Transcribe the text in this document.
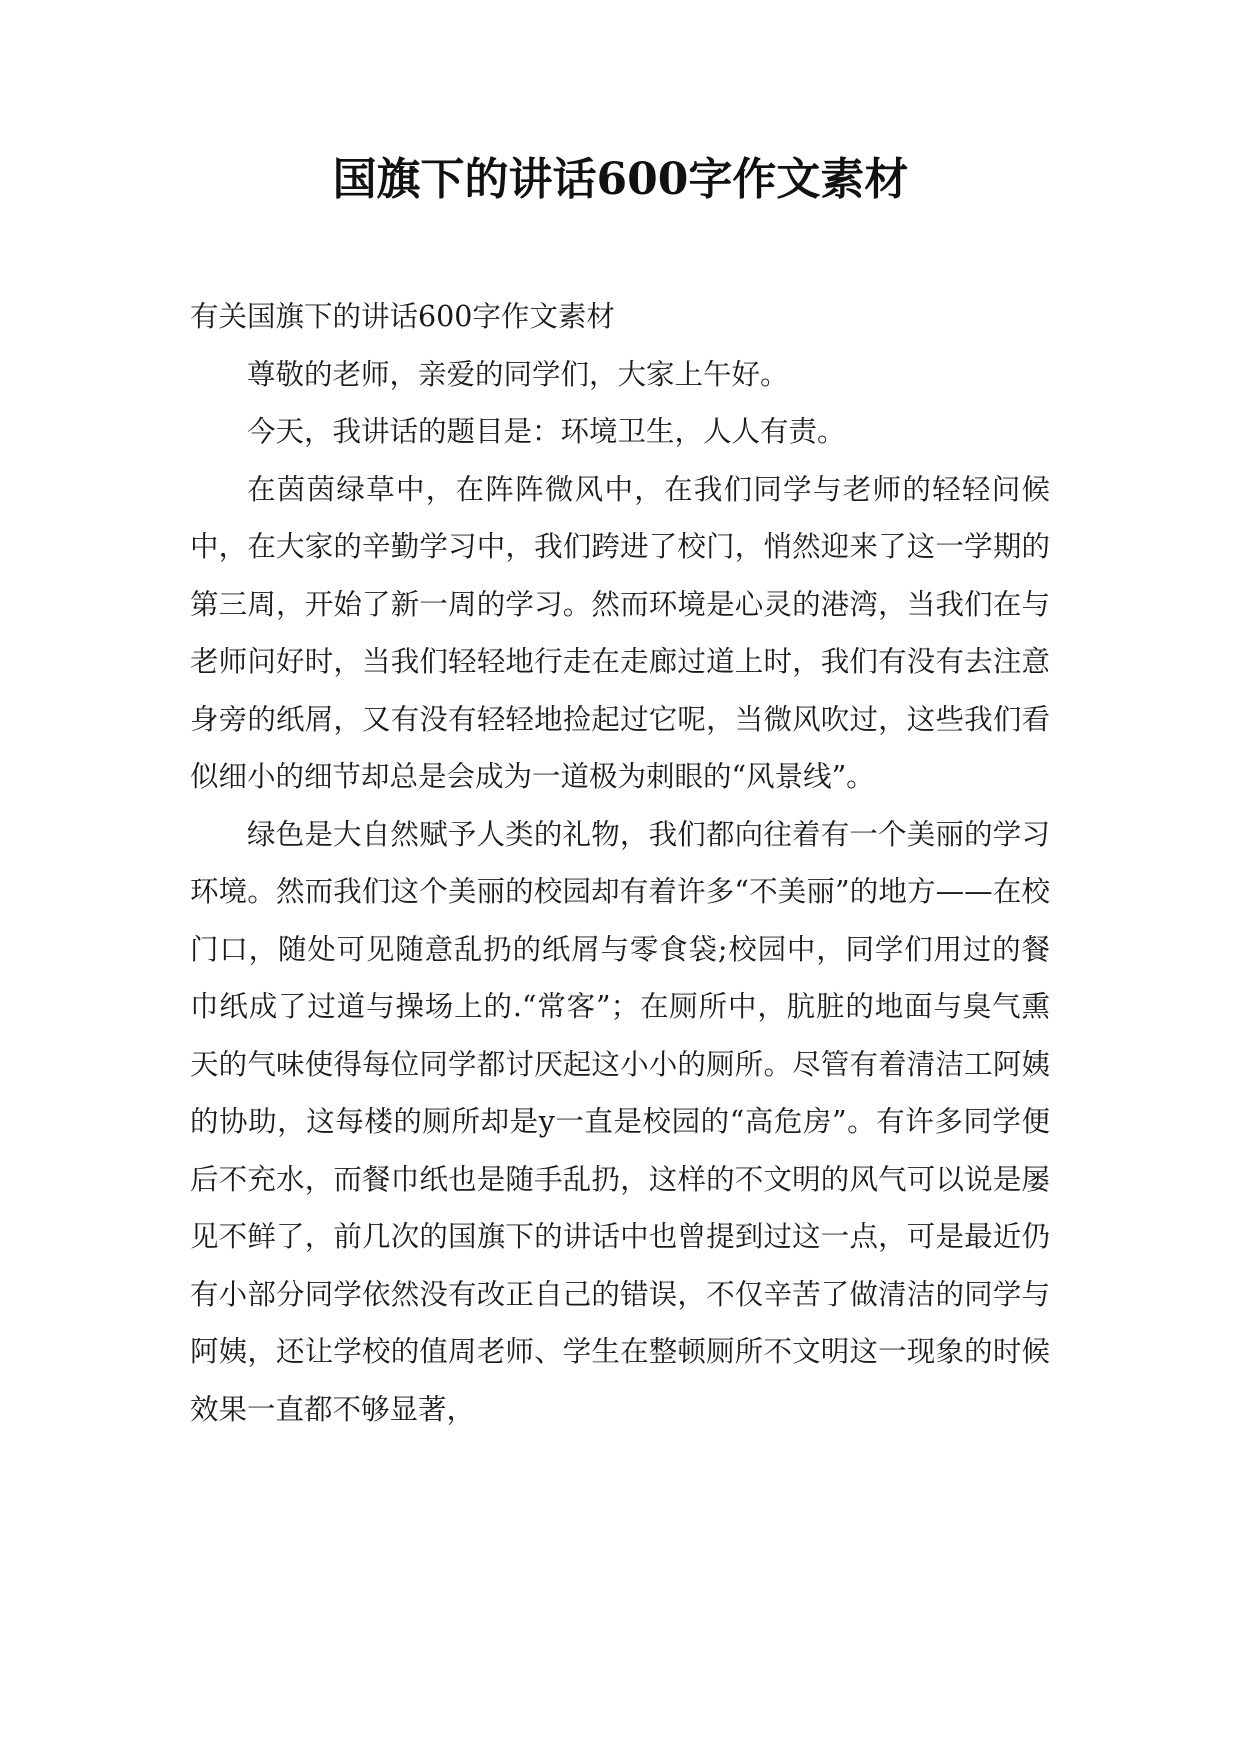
国旗下的讲话600字作文素材

有关国旗下的讲话600字作文素材

尊敬的老师，亲爱的同学们，大家上午好。

今天，我讲话的题目是：环境卫生，人人有责。

在茵茵绿草中，在阵阵微风中，在我们同学与老师的轻轻问候中，在大家的辛勤学习中，我们跨进了校门，悄然迎来了这一学期的第三周，开始了新一周的学习。然而环境是心灵的港湾，当我们在与老师问好时，当我们轻轻地行走在走廊过道上时，我们有没有去注意身旁的纸屑，又有没有轻轻地捡起过它呢，当微风吹过，这些我们看似细小的细节却总是会成为一道极为刺眼的“风景线”。

绿色是大自然赋予人类的礼物，我们都向往着有一个美丽的学习环境。然而我们这个美丽的校园却有着许多“不美丽”的地方——在校门口，随处可见随意乱扔的纸屑与零食袋;校园中，同学们用过的餐巾纸成了过道与操场上的.“常客”；在厕所中，肮脏的地面与臭气熏天的气味使得每位同学都讨厌起这小小的厕所。尽管有着清洁工阿姨的协助，这每楼的厕所却是y一直是校园的“高危房”。有许多同学便后不充水，而餐巾纸也是随手乱扔，这样的不文明的风气可以说是屡见不鲜了，前几次的国旗下的讲话中也曾提到过这一点，可是最近仍有小部分同学依然没有改正自己的错误，不仅辛苦了做清洁的同学与阿姨，还让学校的值周老师、学生在整顿厕所不文明这一现象的时候效果一直都不够显著，
